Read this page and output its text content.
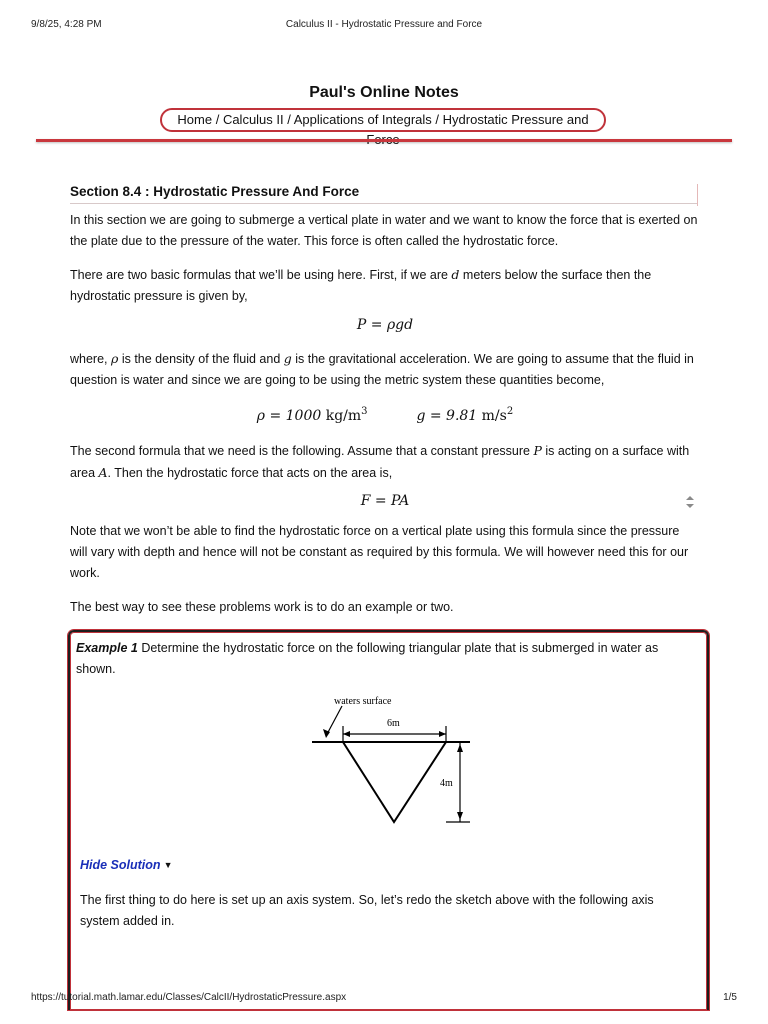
9/8/25, 4:28 PM	Calculus II - Hydrostatic Pressure and Force
Paul's Online Notes
Home / Calculus II / Applications of Integrals / Hydrostatic Pressure and
Section 8.4 : Hydrostatic Pressure And Force
In this section we are going to submerge a vertical plate in water and we want to know the force that is exerted on the plate due to the pressure of the water. This force is often called the hydrostatic force.
There are two basic formulas that we’ll be using here. First, if we are d meters below the surface then the hydrostatic pressure is given by,
P = ρgd
where, ρ is the density of the fluid and g is the gravitational acceleration. We are going to assume that the fluid in question is water and since we are going to be using the metric system these quantities become,
ρ = 1000 $kg/m^3$	g = 9.81 $m/s^2$
The second formula that we need is the following. Assume that a constant pressure P is acting on a surface with area A. Then the hydrostatic force that acts on the area is,
F = PA
Note that we won’t be able to find the hydrostatic force on a vertical plate using this formula since the pressure will vary with depth and hence will not be constant as required by this formula. We will however need this for our work.
The best way to see these problems work is to do an example or two.
Example 1 Determine the hydrostatic force on the following triangular plate that is submerged in water as shown.
waters surface
6m
4m
Hide Solution ▼
The first thing to do here is set up an axis system. So, let’s redo the sketch above with the following axis system added in.
https://tutorial.math.lamar.edu/Classes/CalcII/HydrostaticPressure.aspx	1/5
